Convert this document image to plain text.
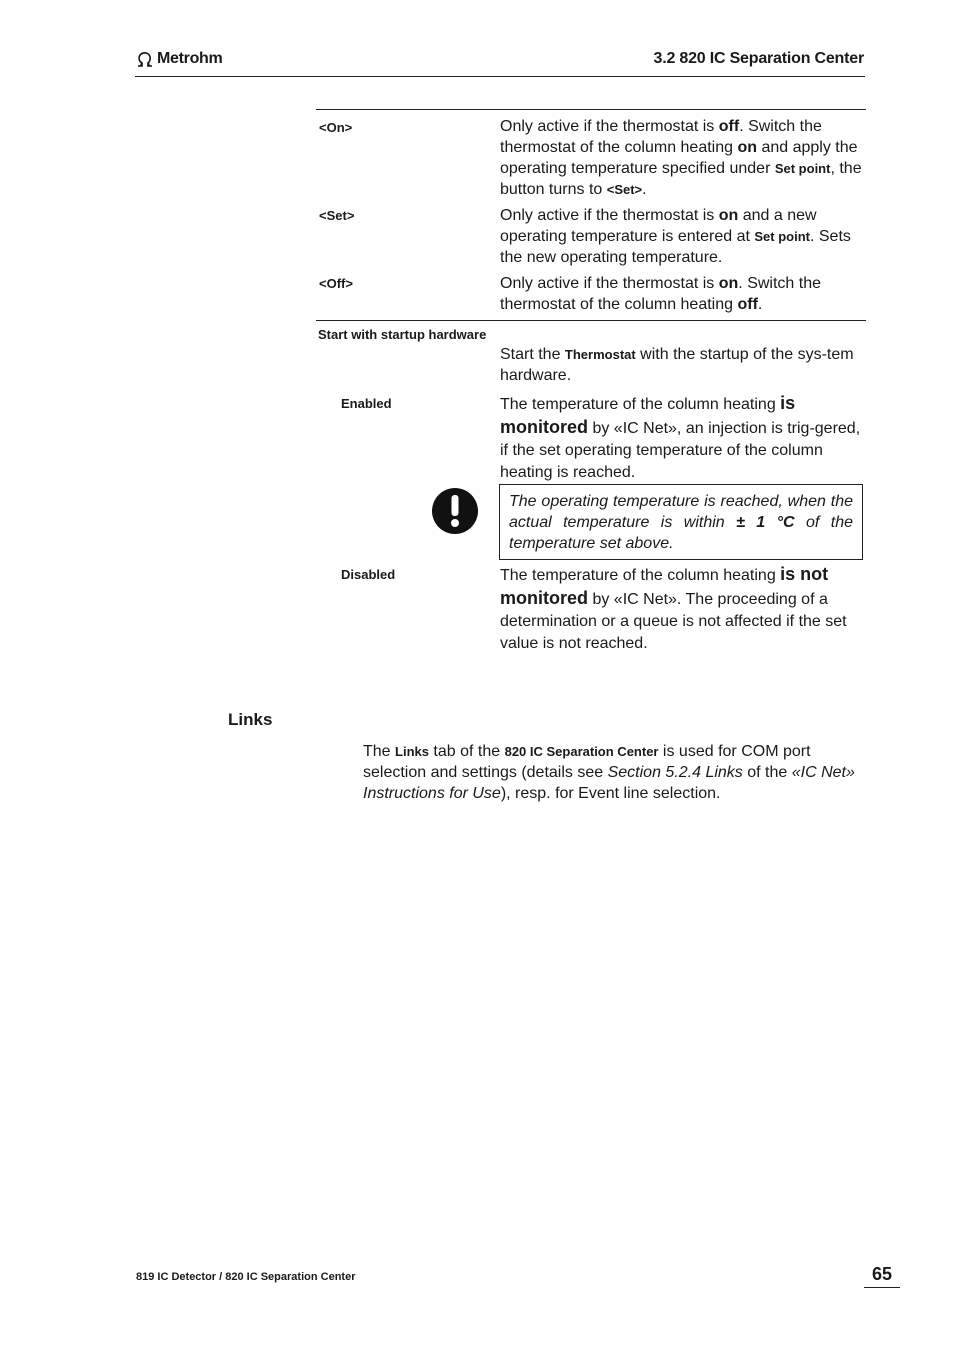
Metrohm	3.2 820 IC Separation Center
<On>	Only active if the thermostat is off. Switch the thermostat of the column heating on and apply the operating temperature specified under Set point, the button turns to <Set>.
<Set>	Only active if the thermostat is on and a new operating temperature is entered at Set point. Sets the new operating temperature.
<Off>	Only active if the thermostat is on. Switch the thermostat of the column heating off.
Start with startup hardware
Start the Thermostat with the startup of the sys-tem hardware.
Enabled	The temperature of the column heating is monitored by «IC Net», an injection is trig-gered, if the set operating temperature of the column heating is reached.
The operating temperature is reached, when the actual temperature is within ± 1 °C of the temperature set above.
Disabled	The temperature of the column heating is not monitored by «IC Net». The proceeding of a determination or a queue is not affected if the set value is not reached.
Links
The Links tab of the 820 IC Separation Center is used for COM port selection and settings (details see Section 5.2.4 Links of the «IC Net» Instructions for Use), resp. for Event line selection.
819 IC Detector / 820 IC Separation Center	65
